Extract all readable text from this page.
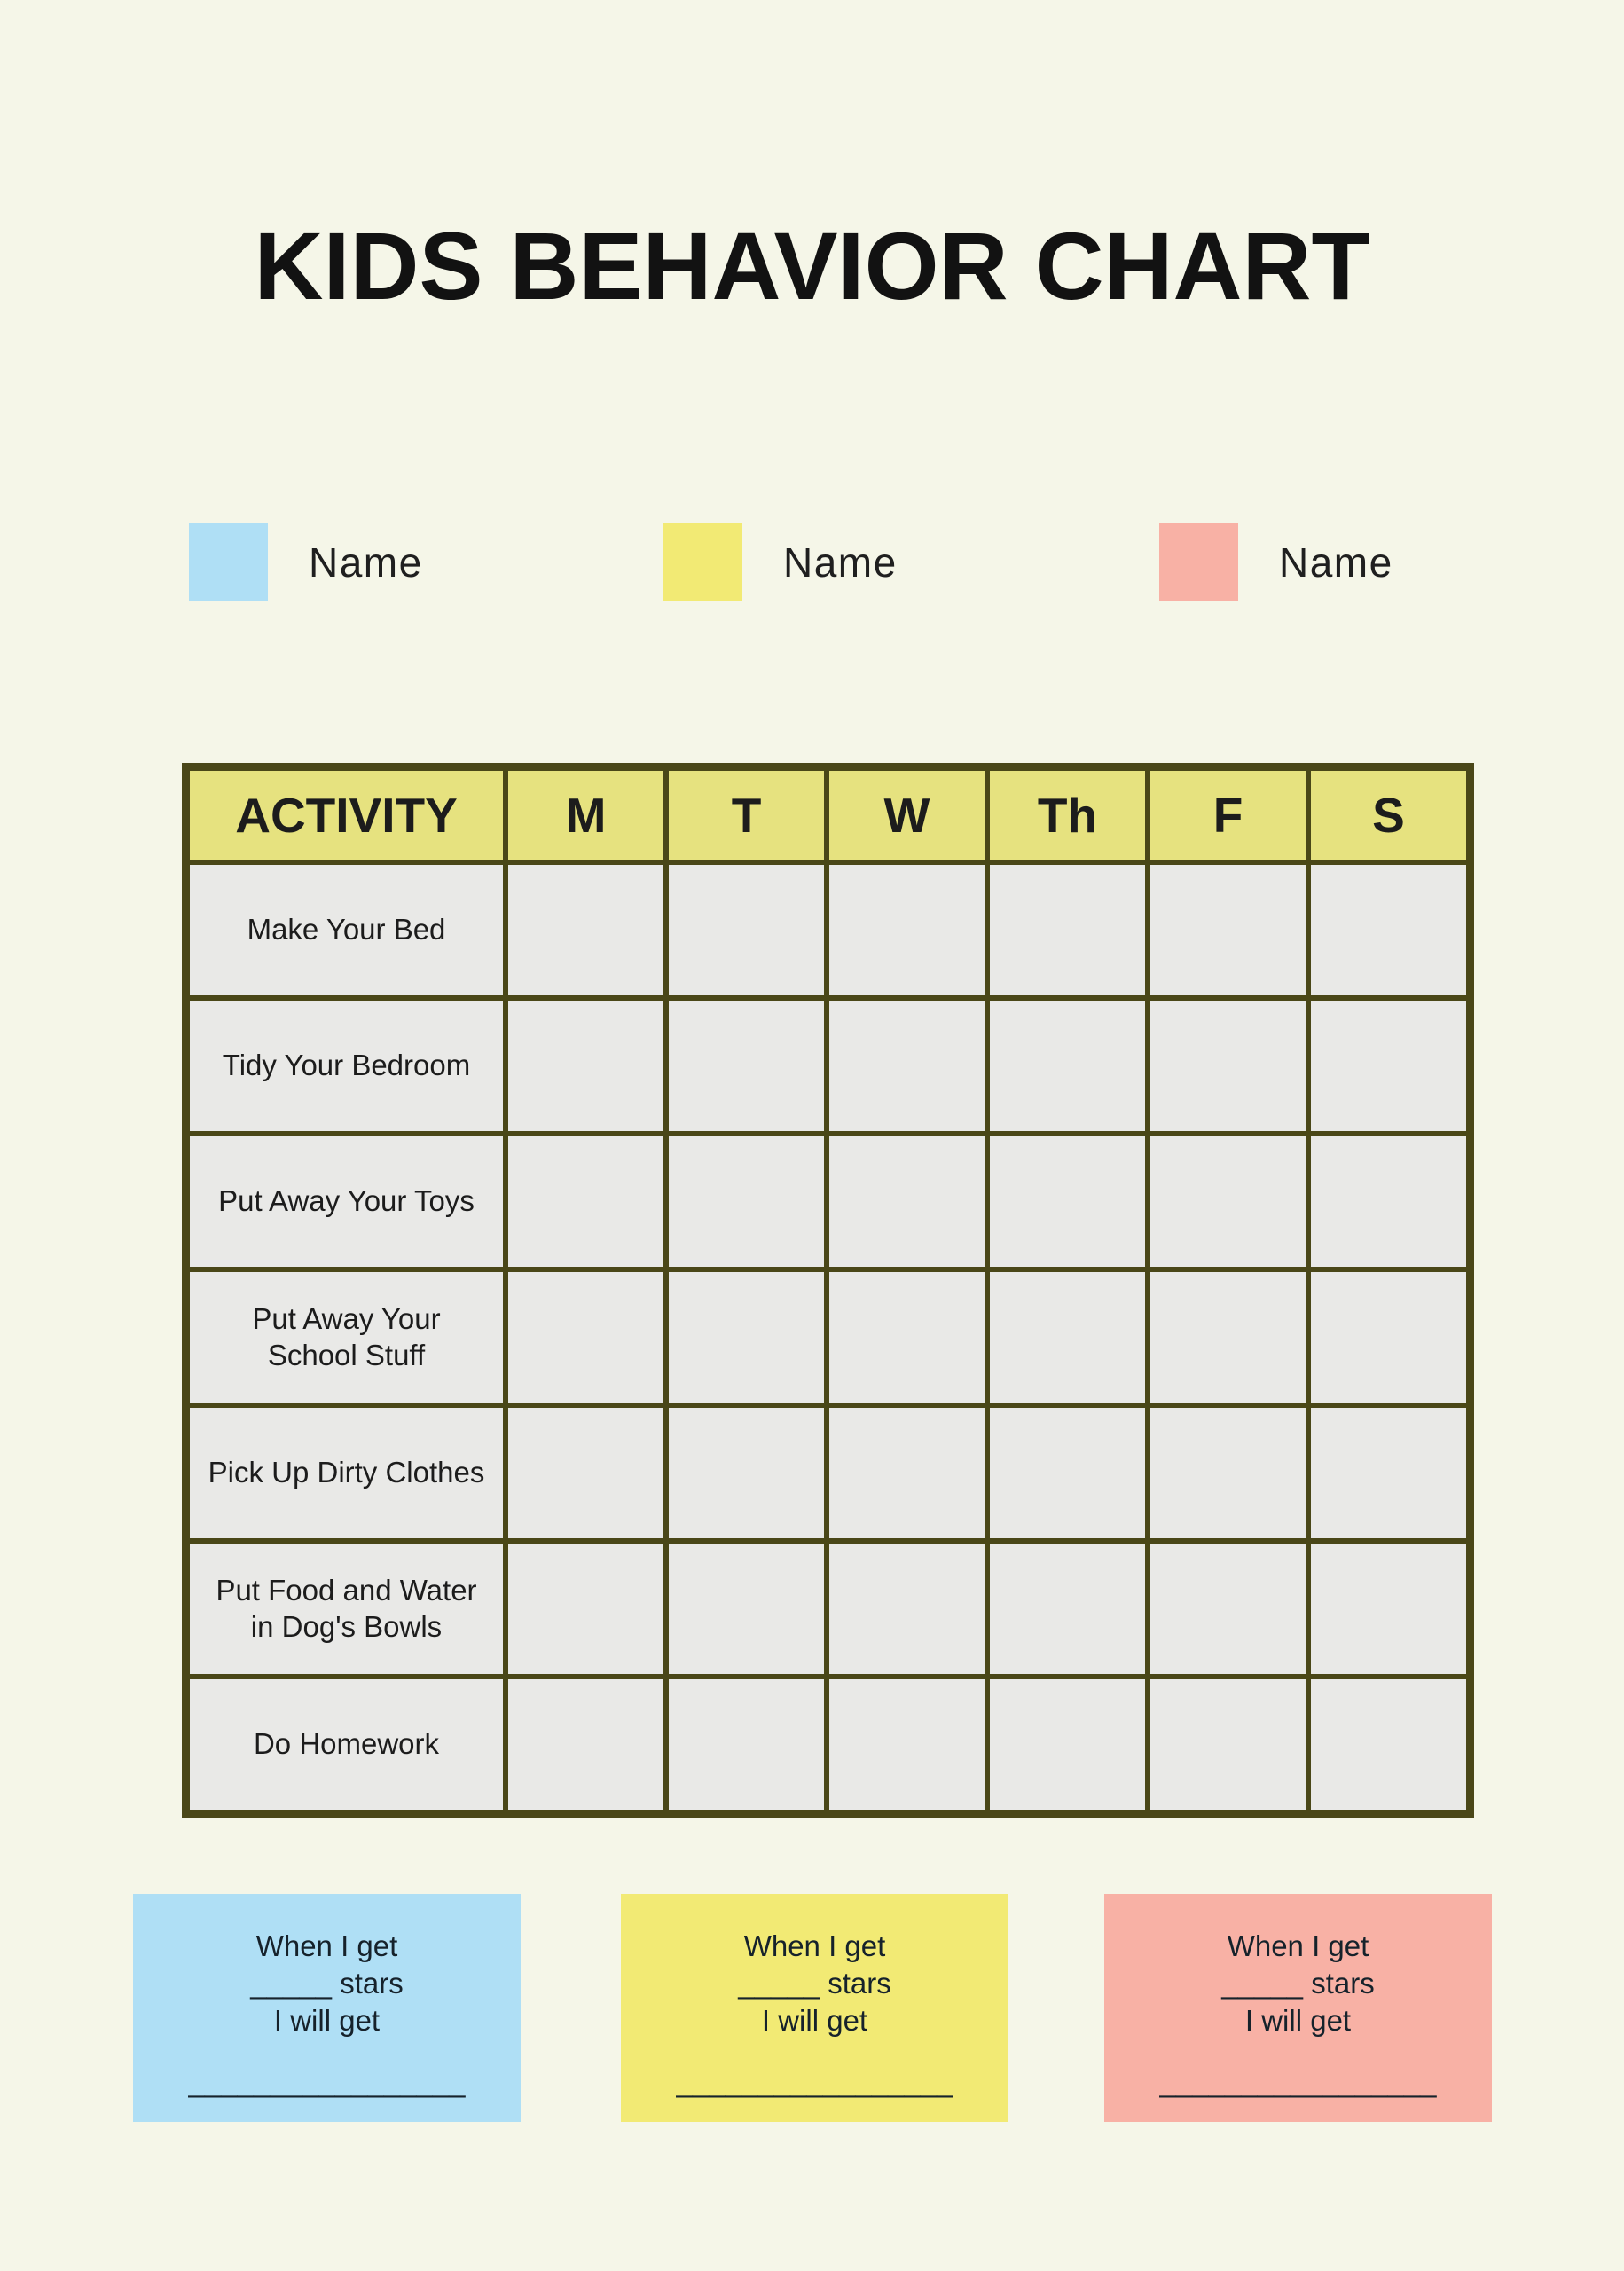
KIDS BEHAVIOR CHART
Name	Name	Name
ACTIVITY	M	T	W	Th	F	S
Make Your Bed						
Tidy Your Bedroom						
Put Away Your Toys						
Put Away Your School Stuff						
Pick Up Dirty Clothes						
Put Food and Water in Dog's Bowls						
Do Homework						
When I get
_____ stars
I will get
_________________
When I get
_____ stars
I will get
_________________
When I get
_____ stars
I will get
_________________
